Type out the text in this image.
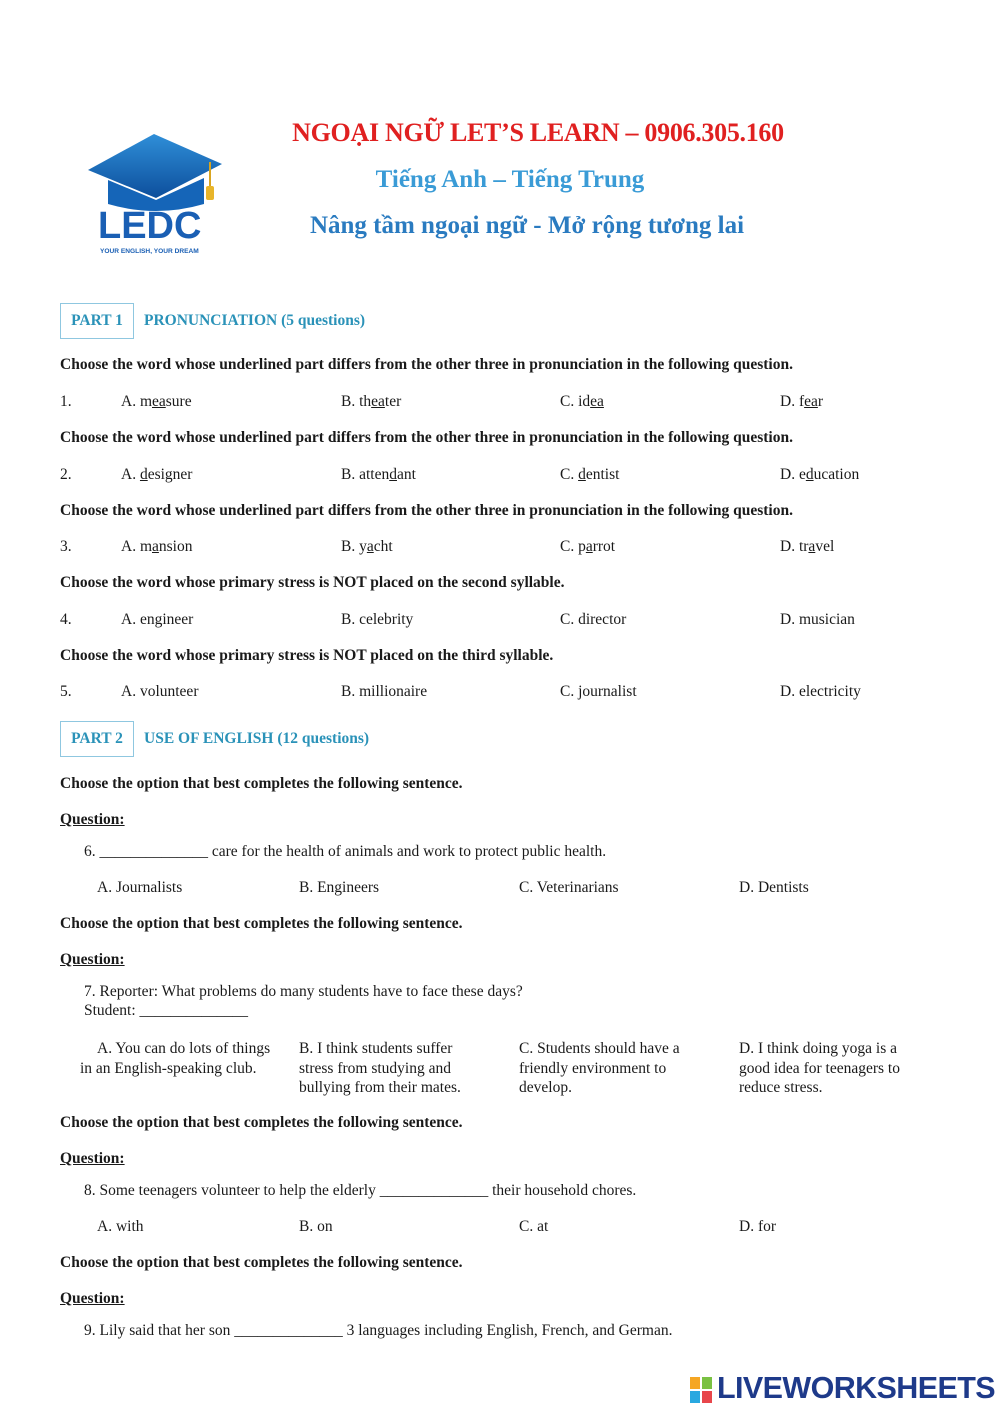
LEDC
YOUR ENGLISH, YOUR DREAM
NGOẠI NGỮ LET’S LEARN – 0906.305.160
Tiếng Anh – Tiếng Trung
Nâng tầm ngoại ngữ - Mở rộng tương lai
PART 1	PRONUNCIATION (5 questions)
Choose the word whose underlined part differs from the other three in pronunciation in the following question.
1.	A. measure	B. theater	C. idea	D. fear
Choose the word whose underlined part differs from the other three in pronunciation in the following question.
2.	A. designer	B. attendant	C. dentist	D. education
Choose the word whose underlined part differs from the other three in pronunciation in the following question.
3.	A. mansion	B. yacht	C. parrot	D. travel
Choose the word whose primary stress is NOT placed on the second syllable.
4.	A. engineer	B. celebrity	C. director	D. musician
Choose the word whose primary stress is NOT placed on the third syllable.
5.	A. volunteer	B. millionaire	C. journalist	D. electricity
PART 2	USE OF ENGLISH (12 questions)
Choose the option that best completes the following sentence.
Question:
6. ______________ care for the health of animals and work to protect public health.
A. Journalists	B. Engineers	C. Veterinarians	D. Dentists
Choose the option that best completes the following sentence.
Question:
7. Reporter: What problems do many students have to face these days?
Student: ______________
A. You can do lots of things in an English-speaking club.
B. I think students suffer stress from studying and bullying from their mates.
C. Students should have a friendly environment to develop.
D. I think doing yoga is a good idea for teenagers to reduce stress.
Choose the option that best completes the following sentence.
Question:
8. Some teenagers volunteer to help the elderly ______________ their household chores.
A. with	B. on	C. at	D. for
Choose the option that best completes the following sentence.
Question:
9. Lily said that her son ______________ 3 languages including English, French, and German.
LIVEWORKSHEETS
